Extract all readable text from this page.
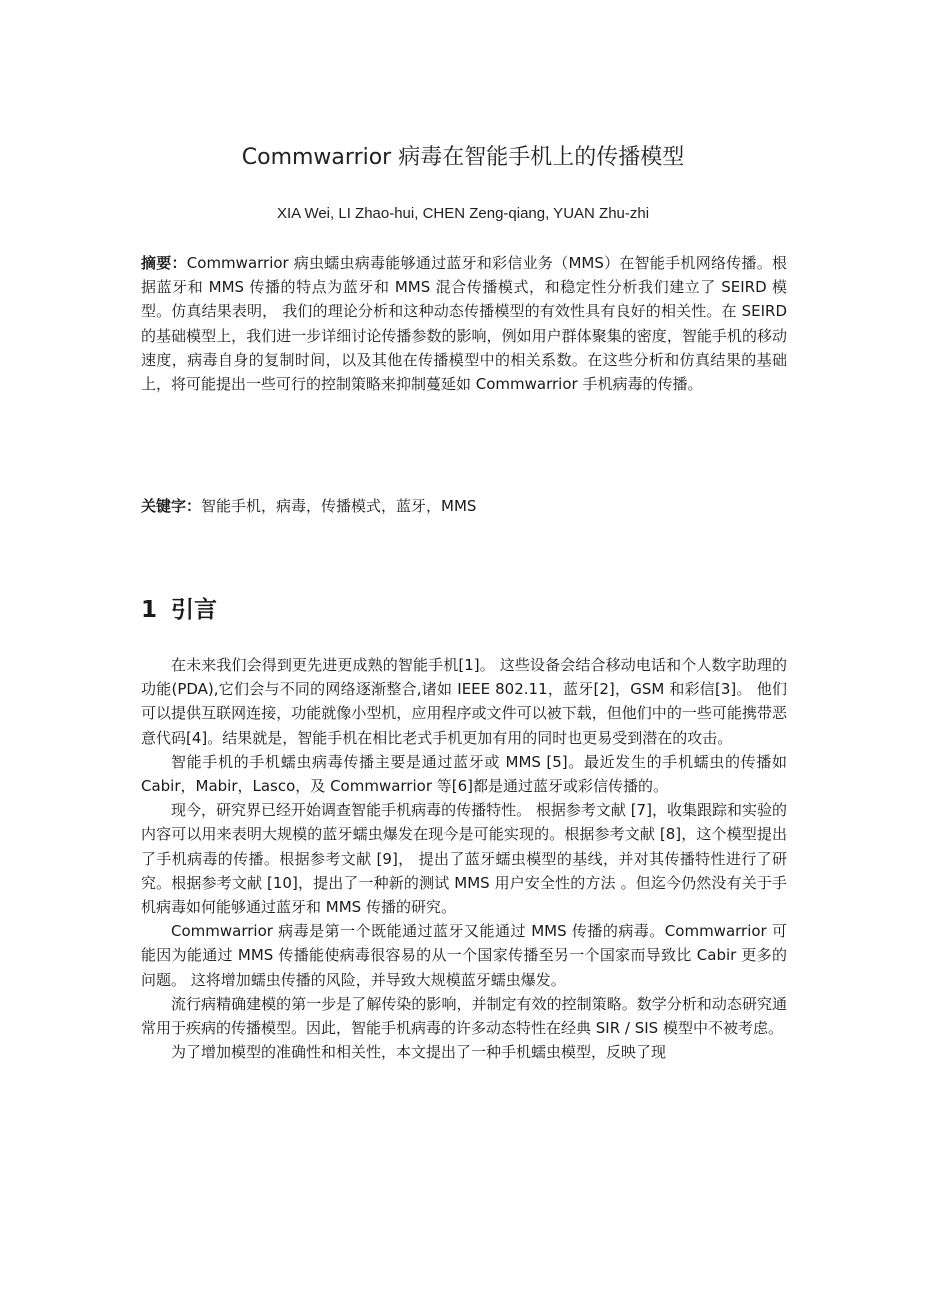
Commwarrior 病毒在智能手机上的传播模型
XIA Wei, LI Zhao-hui, CHEN Zeng-qiang, YUAN Zhu-zhi

摘要：Commwarrior 病虫蠕虫病毒能够通过蓝牙和彩信业务（MMS）在智能手机网络传播。根据蓝牙和 MMS 传播的特点为蓝牙和 MMS 混合传播模式，和稳定性分析我们建立了 SEIRD 模型。仿真结果表明， 我们的理论分析和这种动态传播模型的有效性具有良好的相关性。在 SEIRD 的基础模型上，我们进一步详细讨论传播参数的影响，例如用户群体聚集的密度，智能手机的移动速度，病毒自身的复制时间，以及其他在传播模型中的相关系数。在这些分析和仿真结果的基础上，将可能提出一些可行的控制策略来抑制蔓延如 Commwarrior 手机病毒的传播。

关键字：智能手机，病毒，传播模式，蓝牙，MMS

1 引言

在未来我们会得到更先进更成熟的智能手机[1]。 这些设备会结合移动电话和个人数字助理的功能(PDA),它们会与不同的网络逐渐整合,诸如 IEEE 802.11，蓝牙[2]，GSM 和彩信[3]。 他们可以提供互联网连接，功能就像小型机，应用程序或文件可以被下载，但他们中的一些可能携带恶意代码[4]。结果就是，智能手机在相比老式手机更加有用的同时也更易受到潜在的攻击。

智能手机的手机蠕虫病毒传播主要是通过蓝牙或 MMS [5]。最近发生的手机蠕虫的传播如 Cabir，Mabir，Lasco，及 Commwarrior 等[6]都是通过蓝牙或彩信传播的。

现今，研究界已经开始调查智能手机病毒的传播特性。 根据参考文献 [7]，收集跟踪和实验的内容可以用来表明大规模的蓝牙蠕虫爆发在现今是可能实现的。根据参考文献 [8]，这个模型提出了手机病毒的传播。根据参考文献 [9]， 提出了蓝牙蠕虫模型的基线，并对其传播特性进行了研究。根据参考文献 [10]，提出了一种新的测试 MMS 用户安全性的方法 。但迄今仍然没有关于手机病毒如何能够通过蓝牙和 MMS 传播的研究。

Commwarrior 病毒是第一个既能通过蓝牙又能通过 MMS 传播的病毒。Commwarrior 可能因为能通过 MMS 传播能使病毒很容易的从一个国家传播至另一个国家而导致比 Cabir 更多的问题。 这将增加蠕虫传播的风险，并导致大规模蓝牙蠕虫爆发。

流行病精确建模的第一步是了解传染的影响，并制定有效的控制策略。数学分析和动态研究通常用于疾病的传播模型。因此，智能手机病毒的许多动态特性在经典 SIR / SIS 模型中不被考虑。

为了增加模型的准确性和相关性，本文提出了一种手机蠕虫模型，反映了现
